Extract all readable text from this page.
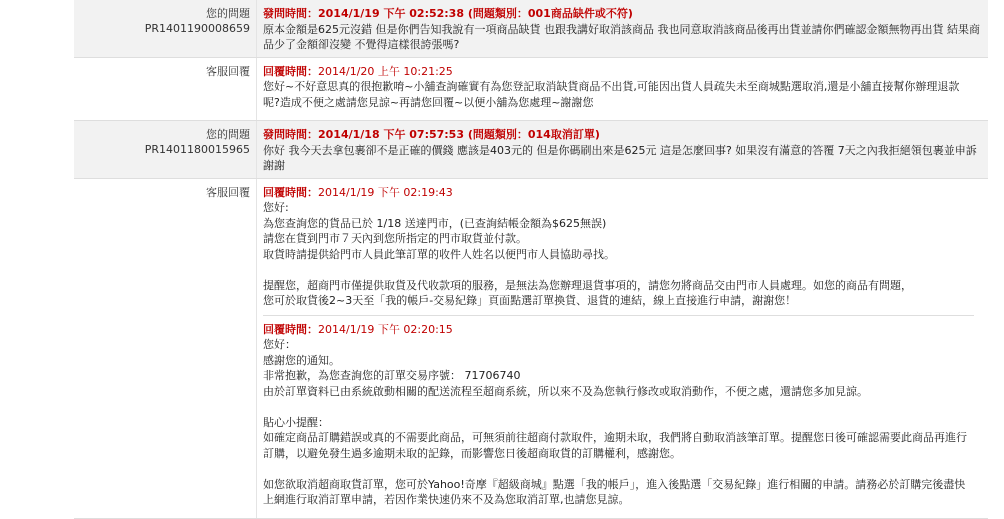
您的問題
PR1401190008659
發問時間：2014/1/19 下午 02:52:38 (問題類別：001商品缺件或不符)
原本金額是625元沒錯 但是你們告知我說有一項商品缺貨 也跟我講好取消該商品 我也同意取消該商品後再出貨並請你們確認金額無物再出貨 結果商品少了金額卻沒變 不覺得這樣很誇張嗎?
客服回覆	回覆時間：2014/1/20 上午 10:21:25
您好~不好意思真的很抱歉唷~小舖查詢確實有為您登記取消缺貨商品不出貨,可能因出貨人員疏失未至商城點選取消,還是小舖直接幫你辦理退款呢?造成不便之處請您見諒~再請您回覆~以便小舖為您處理~謝謝您
您的問題
PR1401180015965
發問時間：2014/1/18 下午 07:57:53 (問題類別：014取消訂單)
你好 我今天去拿包裹卻不是正確的價錢 應該是403元的 但是你碼刷出來是625元 這是怎麼回事? 如果沒有滿意的答覆 7天之內我拒絕領包裹並申訴 謝謝
客服回覆	回覆時間：2014/1/19 下午 02:19:43
您好:
為您查詢您的貨品已於 1/18 送達門市，(已查詢結帳金額為$625無誤)
請您在貨到門市７天內到您所指定的門市取貨並付款。
取貨時請提供給門市人員此筆訂單的收件人姓名以便門市人員協助尋找。

提醒您，超商門市僅提供取貨及代收款項的服務，是無法為您辦理退貨事項的，請您勿將商品交由門市人員處理。如您的商品有問題，
您可於取貨後2~3天至「我的帳戶-交易紀錄」頁面點選訂單換貨、退貨的連結，線上直接進行申請，謝謝您！
回覆時間：2014/1/19 下午 02:20:15
您好：
感謝您的通知。
非常抱歉，為您查詢您的訂單交易序號： 71706740
由於訂單資料已由系統啟動相關的配送流程至超商系統，所以來不及為您執行修改或取消動作，不便之處，還請您多加見諒。

貼心小提醒：
如確定商品訂購錯誤或真的不需要此商品，可無須前往超商付款取件，逾期未取，我們將自動取消該筆訂單。提醒您日後可確認需要此商品再進行訂購，以避免發生過多逾期未取的記錄，而影響您日後超商取貨的訂購權利，感謝您。

如您欲取消超商取貨訂單，您可於Yahoo!奇摩『超級商城』點選「我的帳戶」，進入後點選「交易紀錄」進行相關的申請。請務必於訂購完後盡快上網進行取消訂單申請，若因作業快速仍來不及為您取消訂單,也請您見諒。
